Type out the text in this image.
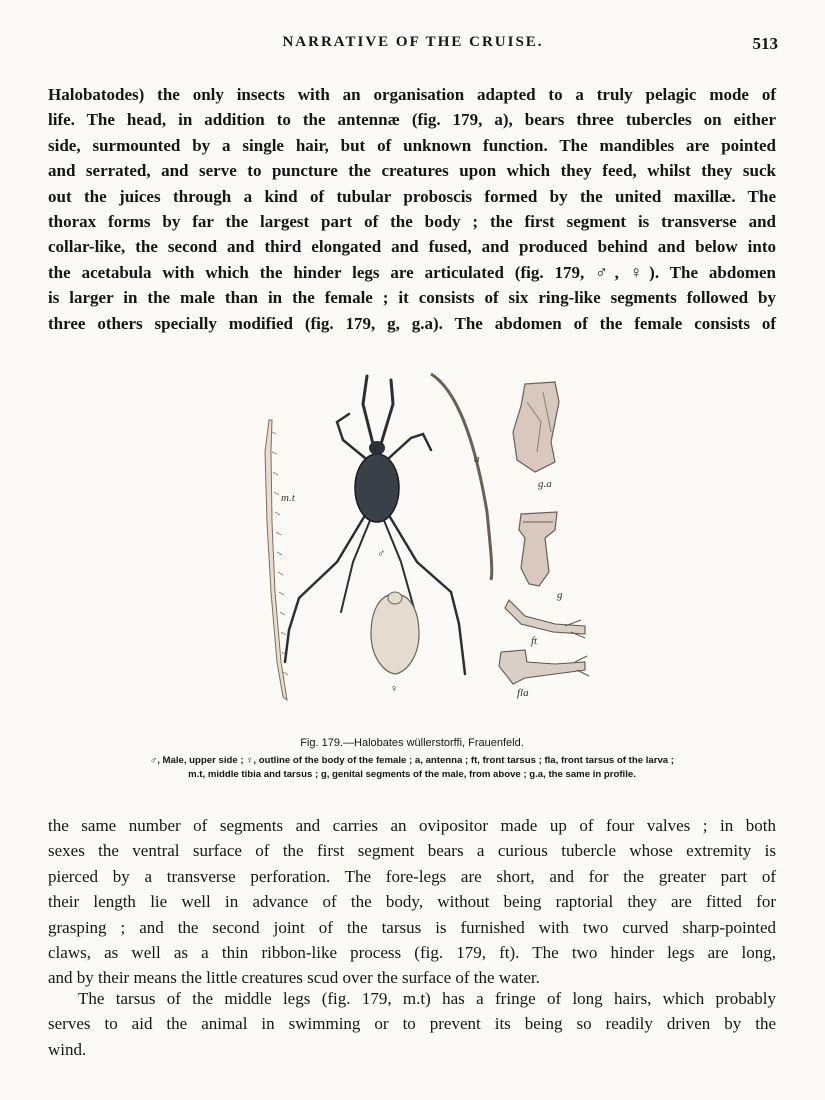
NARRATIVE OF THE CRUISE.	513
Halobatodes) the only insects with an organisation adapted to a truly pelagic mode of
life. The head, in addition to the antennæ (fig. 179, a), bears three tubercles on either
side, surmounted by a single hair, but of unknown function. The mandibles are pointed
and serrated, and serve to puncture the creatures upon which they feed, whilst they suck
out the juices through a kind of tubular proboscis formed by the united maxillæ. The
thorax forms by far the largest part of the body ; the first segment is transverse and
collar-like, the second and third elongated and fused, and produced behind and below into
the acetabula with which the hinder legs are articulated (fig. 179, ♂, ♀). The abdomen
is larger in the male than in the female ; it consists of six ring-like segments followed by
three others specially modified (fig. 179, g, g.a). The abdomen of the female consists of
m.t
♂
♀
a
g.a
g
ft
fla
Fig. 179.—Halobates wüllerstorffi, Frauenfeld.
♂, Male, upper side ; ♀, outline of the body of the female ; a, antenna ; ft, front tarsus ; fla, front tarsus of the larva ;
m.t, middle tibia and tarsus ; g, genital segments of the male, from above ; g.a, the same in profile.
the same number of segments and carries an ovipositor made up of four valves ; in both
sexes the ventral surface of the first segment bears a curious tubercle whose extremity is
pierced by a transverse perforation. The fore-legs are short, and for the greater part of
their length lie well in advance of the body, without being raptorial they are fitted for
grasping ; and the second joint of the tarsus is furnished with two curved sharp-pointed
claws, as well as a thin ribbon-like process (fig. 179, ft). The two hinder legs are long,
and by their means the little creatures scud over the surface of the water.
The tarsus of the middle legs (fig. 179, m.t) has a fringe of long hairs, which probably
serves to aid the animal in swimming or to prevent its being so readily driven by the
wind.
